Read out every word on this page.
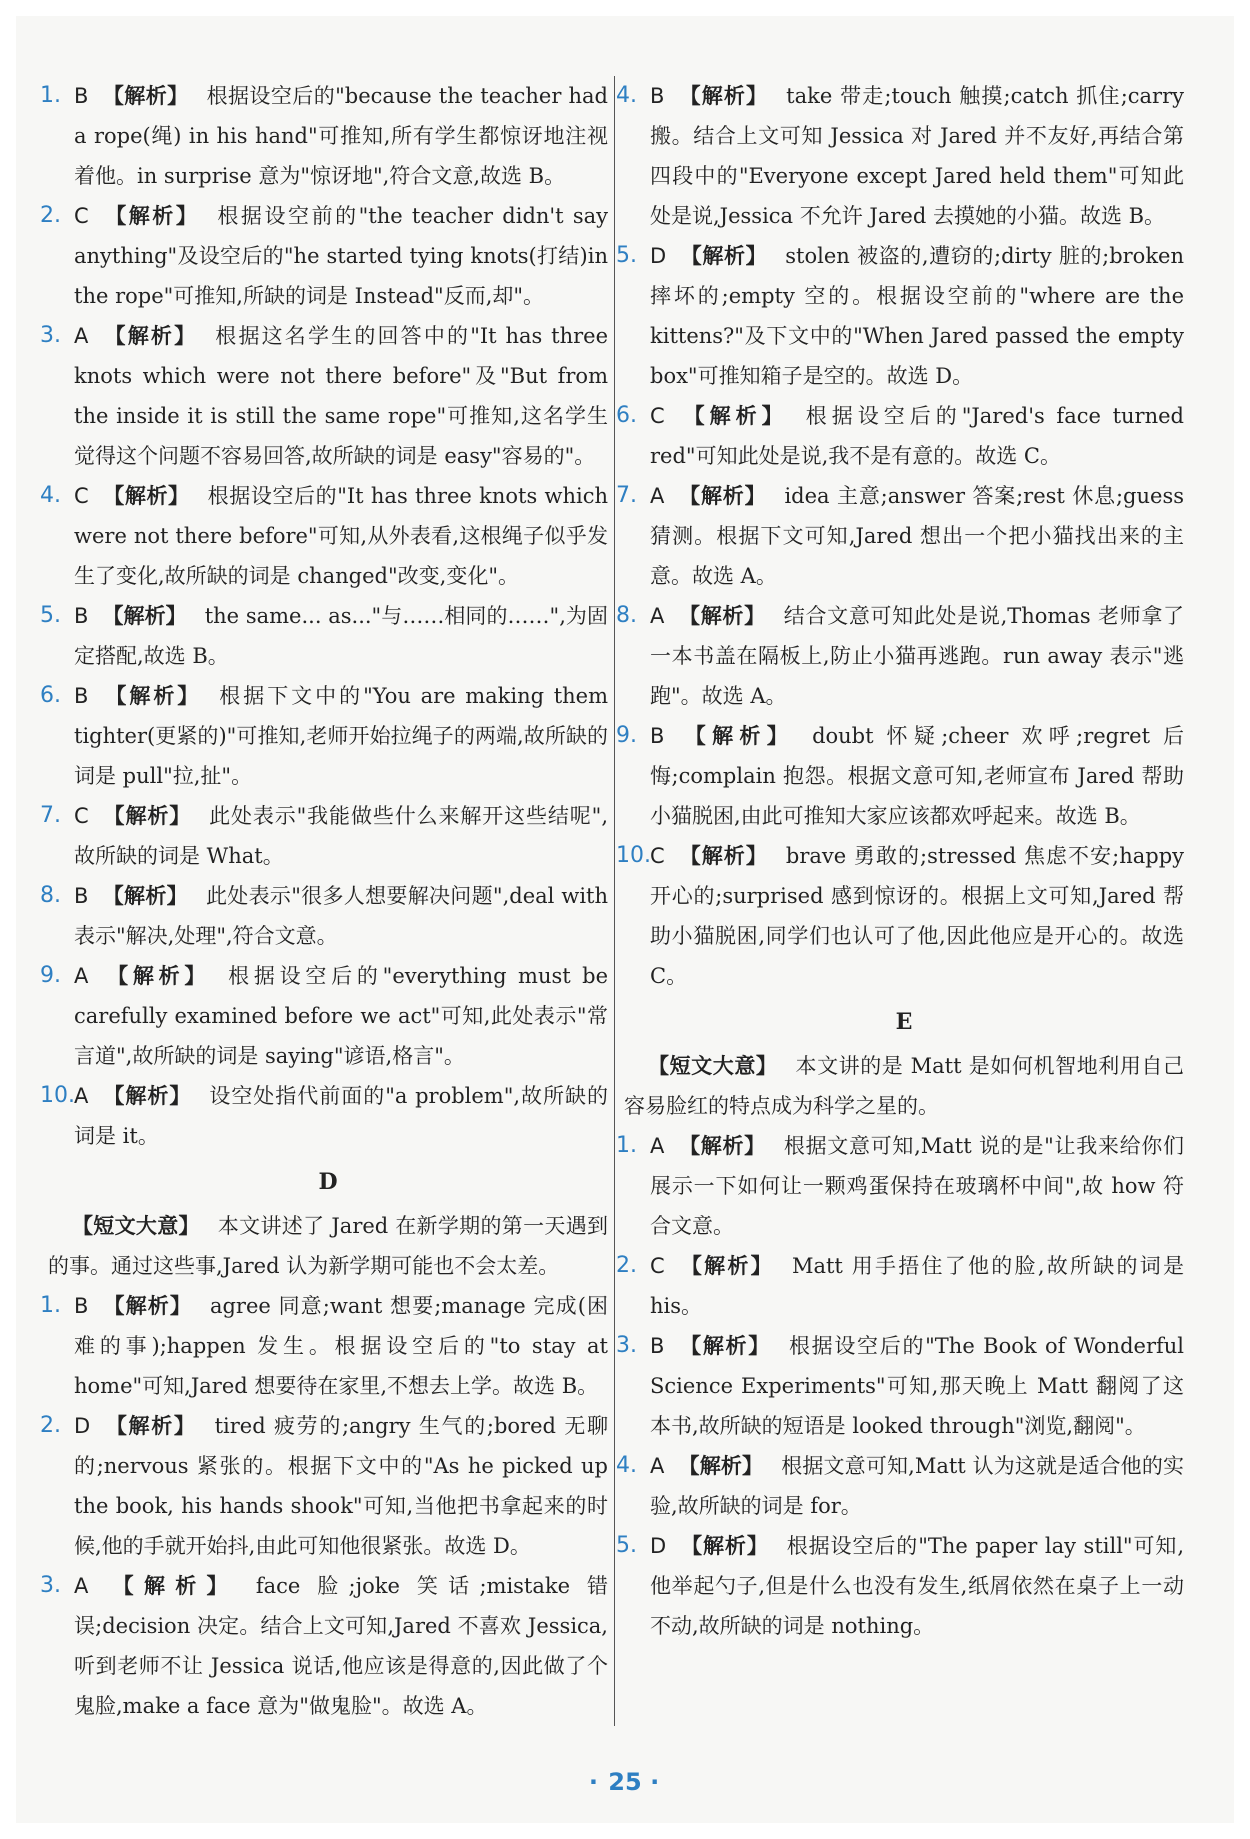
1. B 【解析】 根据设空后的"because the teacher had a rope(绳) in his hand"可推知,所有学生都惊讶地注视着他。in surprise 意为"惊讶地",符合文意,故选 B。
2. C 【解析】 根据设空前的"the teacher didn't say anything"及设空后的"he started tying knots(打结)in the rope"可推知,所缺的词是 Instead"反而,却"。
3. A 【解析】 根据这名学生的回答中的"It has three knots which were not there before"及"But from the inside it is still the same rope"可推知,这名学生觉得这个问题不容易回答,故所缺的词是 easy"容易的"。
4. C 【解析】 根据设空后的"It has three knots which were not there before"可知,从外表看,这根绳子似乎发生了变化,故所缺的词是 changed"改变,变化"。
5. B 【解析】 the same... as..."与……相同的……",为固定搭配,故选 B。
6. B 【解析】 根据下文中的"You are making them tighter(更紧的)"可推知,老师开始拉绳子的两端,故所缺的词是 pull"拉,扯"。
7. C 【解析】 此处表示"我能做些什么来解开这些结呢",故所缺的词是 What。
8. B 【解析】 此处表示"很多人想要解决问题",deal with 表示"解决,处理",符合文意。
9. A 【解析】 根据设空后的"everything must be carefully examined before we act"可知,此处表示"常言道",故所缺的词是 saying"谚语,格言"。
10. A 【解析】 设空处指代前面的"a problem",故所缺的词是 it。
D
【短文大意】 本文讲述了 Jared 在新学期的第一天遇到的事。通过这些事,Jared 认为新学期可能也不会太差。
1. B 【解析】 agree 同意;want 想要;manage 完成(困难的事);happen 发生。根据设空后的"to stay at home"可知,Jared 想要待在家里,不想去上学。故选 B。
2. D 【解析】 tired 疲劳的;angry 生气的;bored 无聊的;nervous 紧张的。根据下文中的"As he picked up the book, his hands shook"可知,当他把书拿起来的时候,他的手就开始抖,由此可知他很紧张。故选 D。
3. A 【解析】 face 脸;joke 笑话;mistake 错误;decision 决定。结合上文可知,Jared 不喜欢 Jessica,听到老师不让 Jessica 说话,他应该是得意的,因此做了个鬼脸,make a face 意为"做鬼脸"。故选 A。
4. B 【解析】 take 带走;touch 触摸;catch 抓住;carry 搬。结合上文可知 Jessica 对 Jared 并不友好,再结合第四段中的"Everyone except Jared held them"可知此处是说,Jessica 不允许 Jared 去摸她的小猫。故选 B。
5. D 【解析】 stolen 被盗的,遭窃的;dirty 脏的;broken 摔坏的;empty 空的。根据设空前的"where are the kittens?"及下文中的"When Jared passed the empty box"可推知箱子是空的。故选 D。
6. C 【解析】 根据设空后的"Jared's face turned red"可知此处是说,我不是有意的。故选 C。
7. A 【解析】 idea 主意;answer 答案;rest 休息;guess 猜测。根据下文可知,Jared 想出一个把小猫找出来的主意。故选 A。
8. A 【解析】 结合文意可知此处是说,Thomas 老师拿了一本书盖在隔板上,防止小猫再逃跑。run away 表示"逃跑"。故选 A。
9. B 【解析】 doubt 怀疑;cheer 欢呼;regret 后悔;complain 抱怨。根据文意可知,老师宣布 Jared 帮助小猫脱困,由此可推知大家应该都欢呼起来。故选 B。
10. C 【解析】 brave 勇敢的;stressed 焦虑不安;happy 开心的;surprised 感到惊讶的。根据上文可知,Jared 帮助小猫脱困,同学们也认可了他,因此他应是开心的。故选 C。
E
【短文大意】 本文讲的是 Matt 是如何机智地利用自己容易脸红的特点成为科学之星的。
1. A 【解析】 根据文意可知,Matt 说的是"让我来给你们展示一下如何让一颗鸡蛋保持在玻璃杯中间",故 how 符合文意。
2. C 【解析】 Matt 用手捂住了他的脸,故所缺的词是 his。
3. B 【解析】 根据设空后的"The Book of Wonderful Science Experiments"可知,那天晚上 Matt 翻阅了这本书,故所缺的短语是 looked through"浏览,翻阅"。
4. A 【解析】 根据文意可知,Matt 认为这就是适合他的实验,故所缺的词是 for。
5. D 【解析】 根据设空后的"The paper lay still"可知,他举起勺子,但是什么也没有发生,纸屑依然在桌子上一动不动,故所缺的词是 nothing。
· 25 ·
